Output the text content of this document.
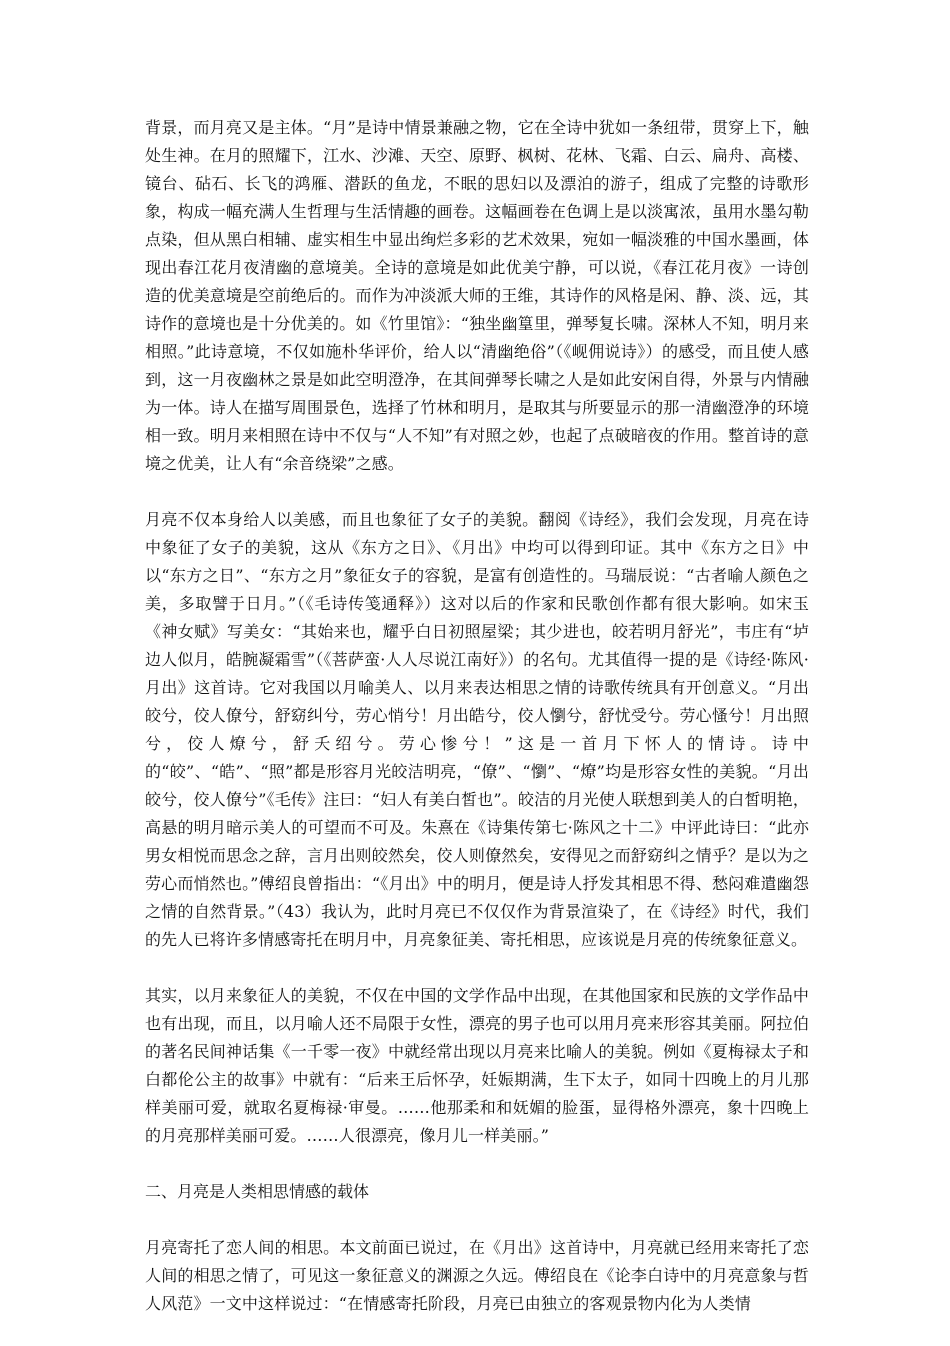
背景，而月亮又是主体。“月”是诗中情景兼融之物，它在全诗中犹如一条纽带，贯穿上下，触处生神。在月的照耀下，江水、沙滩、天空、原野、枫树、花林、飞霜、白云、扁舟、高楼、镜台、砧石、长飞的鸿雁、潜跃的鱼龙，不眠的思妇以及漂泊的游子，组成了完整的诗歌形象，构成一幅充满人生哲理与生活情趣的画卷。这幅画卷在色调上是以淡寓浓，虽用水墨勾勒点染，但从黑白相辅、虚实相生中显出绚烂多彩的艺术效果，宛如一幅淡雅的中国水墨画，体现出春江花月夜清幽的意境美。全诗的意境是如此优美宁静，可以说，《春江花月夜》一诗创造的优美意境是空前绝后的。而作为冲淡派大师的王维，其诗作的风格是闲、静、淡、远，其诗作的意境也是十分优美的。如《竹里馆》：“独坐幽篁里，弹琴复长啸。深林人不知，明月来相照。”此诗意境，不仅如施朴华评价，给人以“清幽绝俗”（《岘佣说诗》）的感受，而且使人感到，这一月夜幽林之景是如此空明澄净，在其间弹琴长啸之人是如此安闲自得，外景与内情融为一体。诗人在描写周围景色，选择了竹林和明月，是取其与所要显示的那一清幽澄净的环境相一致。明月来相照在诗中不仅与“人不知”有对照之妙，也起了点破暗夜的作用。整首诗的意境之优美，让人有“余音绕梁”之感。

月亮不仅本身给人以美感，而且也象征了女子的美貌。翻阅《诗经》，我们会发现，月亮在诗中象征了女子的美貌，这从《东方之日》、《月出》中均可以得到印证。其中《东方之日》中以“东方之日”、“东方之月”象征女子的容貌，是富有创造性的。马瑞辰说：“古者喻人颜色之美，多取譬于日月。”（《毛诗传笺通释》）这对以后的作家和民歌创作都有很大影响。如宋玉《神女赋》写美女：“其始来也，耀乎白日初照屋梁；其少进也，皎若明月舒光”，韦庄有“垆边人似月，皓腕凝霜雪”（《菩萨蛮·人人尽说江南好》）的名句。尤其值得一提的是《诗经·陈风·月出》这首诗。它对我国以月喻美人、以月来表达相思之情的诗歌传统具有开创意义。“月出皎兮，佼人僚兮，舒窈纠兮，劳心悄兮！月出皓兮，佼人懰兮，舒忧受兮。劳心慅兮！月出照兮，佼人燎兮，舒夭绍兮。劳心惨兮！”这是一首月下怀人的情诗。诗中的“皎”、“皓”、“照”都是形容月光皎洁明亮，“僚”、“懰”、“燎”均是形容女性的美貌。“月出皎兮，佼人僚兮”《毛传》注曰：“妇人有美白皙也”。皎洁的月光使人联想到美人的白皙明艳，高悬的明月暗示美人的可望而不可及。朱熹在《诗集传第七·陈风之十二》中评此诗曰：“此亦男女相悦而思念之辞，言月出则皎然矣，佼人则僚然矣，安得见之而舒窈纠之情乎？是以为之劳心而悄然也。”傅绍良曾指出：“《月出》中的明月，便是诗人抒发其相思不得、愁闷难遣幽怨之情的自然背景。”（43）我认为，此时月亮已不仅仅作为背景渲染了，在《诗经》时代，我们的先人已将许多情感寄托在明月中，月亮象征美、寄托相思，应该说是月亮的传统象征意义。

其实，以月来象征人的美貌，不仅在中国的文学作品中出现，在其他国家和民族的文学作品中也有出现，而且，以月喻人还不局限于女性，漂亮的男子也可以用月亮来形容其美丽。阿拉伯的著名民间神话集《一千零一夜》中就经常出现以月亮来比喻人的美貌。例如《夏梅禄太子和白都伦公主的故事》中就有：“后来王后怀孕，妊娠期满，生下太子，如同十四晚上的月儿那样美丽可爱，就取名夏梅禄·审曼。……他那柔和和妩媚的脸蛋，显得格外漂亮，象十四晚上的月亮那样美丽可爱。……人很漂亮，像月儿一样美丽。”

二、月亮是人类相思情感的载体

月亮寄托了恋人间的相思。本文前面已说过，在《月出》这首诗中，月亮就已经用来寄托了恋人间的相思之情了，可见这一象征意义的渊源之久远。傅绍良在《论李白诗中的月亮意象与哲人风范》一文中这样说过：“在情感寄托阶段，月亮已由独立的客观景物内化为人类情
